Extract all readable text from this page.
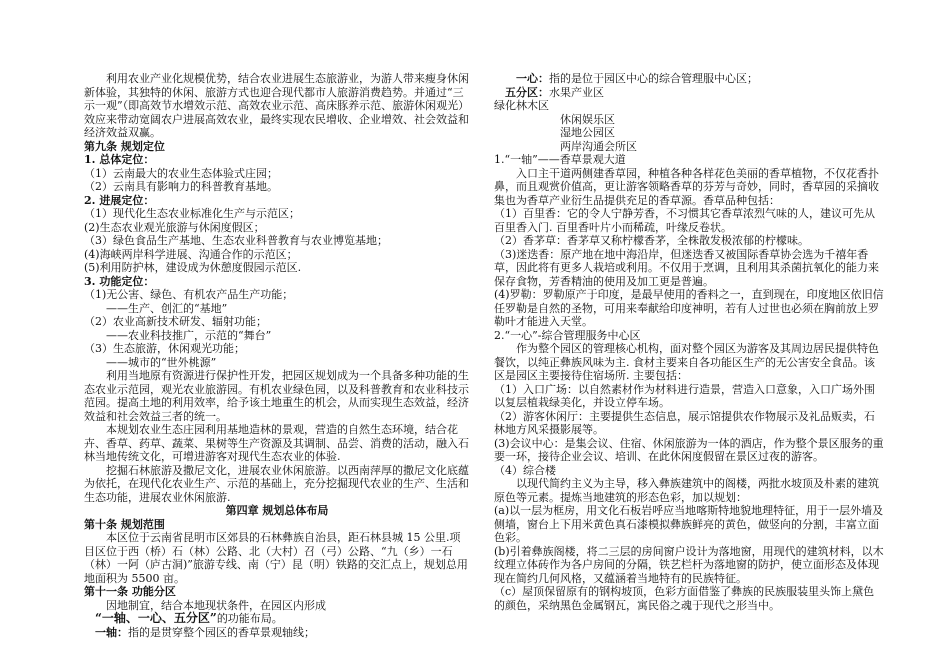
利用农业产业化规模优势，结合农业进展生态旅游业，为游人带来瘦身休闲新体验，其独特的休闲、旅游方式也迎合现代都市人旅游消费趋势。并通过“三示一观”（即高效节水增效示范、高效农业示范、高床豚养示范、旅游休闲观光）效应来带动宽阔农户进展高效农业，最终实现农民增收、企业增效、社会效益和经济效益双赢。

第九条 规划定位

1. 总体定位：

（1）云南最大的农业生态体验式庄园；

（2）云南具有影响力的科普教育基地。

2. 进展定位：

（1）现代化生态农业标准化生产与示范区；

(2)生态农业观光旅游与休闲度假区；

（3）绿色食品生产基地、生态农业科普教育与农业博览基地；

(4)海峡两岸科学进展、沟通合作的示范区；

(5)利用防护林，建设成为休憩度假园示范区.

3. 功能定位：

（1)无公害、绿色、有机农产品生产功能；

——生产、创汇的“基地”

（2）农业高新技术研发、辐射功能；

——农业科技推广，示范的“舞台”

（3）生态旅游，休闲观光功能；

——城市的“世外桃源”

利用当地原有资源进行保护性开发，把园区规划成为一个具备多种功能的生态农业示范园，观光农业旅游园。有机农业绿色园，以及科普教育和农业科技示范园。提高土地的利用效率，给予该土地重生的机会，从而实现生态效益，经济效益和社会效益三者的统一。

本规划农业生态庄园利用基地造林的景观，营造的自然生态环境，结合花卉、香草、药草、蔬菜、果树等生产资源及其调制、品尝、消费的活动，融入石林当地传统文化，可增进游客对现代生态农业的体验.

挖掘石林旅游及撒尼文化，进展农业休闲旅游。以西南萍厚的撒尼文化底蕴为依托，在现代化农业生产、示范的基础上，充分挖掘现代农业的生产、生活和生态功能，进展农业休闲旅游.

第四章 规划总体布局

第十条 规划范围

本区位于云南省昆明市区郊县的石林彝族自治县，距石林县城 15 公里.项目区位于西（桥）石（林）公路、北（大村）召（弓）公路、“九（乡）一石（林）一阿（庐古洞)”旅游专线、南（宁）昆（明）铁路的交汇点上，规划总用地面积为 5500 亩。

第十一条 功能分区

因地制宜，结合本地现状条件，在园区内形成

“一轴、一心、五分区”的功能布局。

一轴：指的是贯穿整个园区的香草景观轴线；

一心：指的是位于园区中心的综合管理服中心区；

五分区：水果产业区

绿化林木区

休闲娱乐区

湿地公园区

两岸沟通会所区

1.“一轴”——香草景观大道

入口主干道两侧建香草园，种植各种各样花色美丽的香草植物，不仅花香扑鼻，而且观赏价值高，更让游客领略香草的芬芳与奇妙，同时，香草园的采摘收集也为香草产业衍生品提供充足的香草源。香草品种包括：

（1）百里香：它的令人宁静芳香，不习惯其它香草浓烈气味的人，建议可先从百里香入门. 百里香叶片小而稀疏，叶缘反卷状。

（2）香茅草：香茅草又称柠檬香茅，全株散发极浓郁的柠檬味。

（3)迷迭香：原产地在地中海沿岸，但迷迭香又被国际香草协会选为千禧年香草，因此将有更多人栽培或利用。不仅用于烹调，且利用其杀菌抗氧化的能力来保存食物，芳香精油的使用及加工更是普遍。

(4)罗勒：罗勒原产于印度，是最早使用的香料之一，直到现在，印度地区依旧信任罗勒是自然的圣物，可用来奉献给印度神明，若有人过世也必须在胸前放上罗勒叶才能进入天堂。

2.“一心”-综合管理服务中心区

作为整个园区的管理核心机构，面对整个园区为游客及其周边居民提供特色餐饮，以纯正彝族风味为主. 食材主要来自各功能区生产的无公害安全食品。该区是园区主要接待住宿场所. 主要包括：

（1）入口广场：以自然素材作为材料进行造景，营造入口意象，入口广场外围 以复层植栽绿美化，并设立停车场。

（2）游客休闲厅：主要提供生态信息，展示馆提供农作物展示及礼品贩卖，石林地方风采摄影展等。

(3)会议中心：是集会议、住宿、休闲旅游为一体的酒店，作为整个景区服务的重要一环，接待企业会议、培训、在此休闲度假留在景区过夜的游客。

（4）综合楼

以现代简约主义为主导，移入彝族建筑中的阁楼，两批水坡顶及朴素的建筑原色等元素。提炼当地建筑的形态色彩，加以规划：

(a)以一层为框房，用文化石板岩呼应当地喀斯特地貌地理特征，用于一层外墙及侧墙，窗台上下用米黄色真石漆模拟彝族鲜亮的黄色，做竖向的分割，丰富立面色彩。

(b)引着彝族阁楼，将二三层的房间窗户设计为落地窗，用现代的建筑材料，以木纹理立体砖作为各户房间的分隔，铁艺栏杆为落地窗的防护，使立面形态及体现现在简约几何风格，又蕴涵着当地特有的民族特征。

（c）屋顶保留原有的钢构坡顶，色彩方面借鉴了彝族的民族服装里头饰上黛色的颜色，采纳黑色金属钢瓦，寓民俗之魂于现代之形当中。
